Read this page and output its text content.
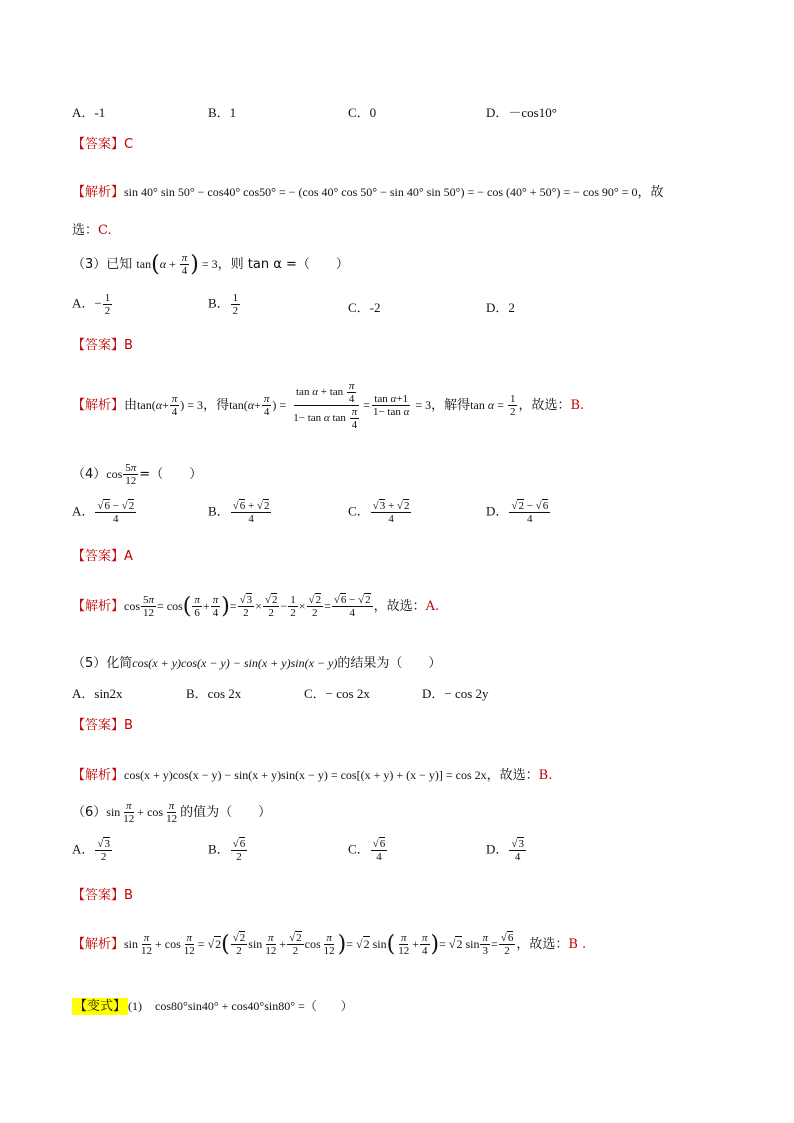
A．-1	B．1	C．0	D．－cos10°
【答案】C
【解析】sin 40° sin 50° − cos40° cos50° = − (cos 40° cos 50° − sin 40° sin 50°) = − cos (40° + 50°) = − cos 90° = 0，故
选：C.
（3）已知 $\tan(\alpha + \frac{\pi}{4}$ ) = 3，则 tan α =（　　）
A．− $\frac{1}{2}$	B． $\frac{1}{2}$	C．-2	D．2
【答案】B
【解析】由$\tan(\alpha+ \frac{\pi}{4}$ ) = 3，得$\tan(\alpha+ \frac{\pi}{4}$ ) = $\frac{\tan \alpha + \tan \frac{\pi}{4}}{1- \tan \alpha \tan \frac{\pi}{4}} = \frac{\text{tan α+1}}{\text{1− tan α}} = 3$，解得$\tan \alpha = \frac{1}{2}$ ，故选：B.
$(4)\cos \frac{5\pi}{12}$ =（　　）
A． $\frac{√6 - √2}{4}$	B． $\frac{√6 + √2}{4}$	C． $\frac{√3 + √2}{4}$	D． $\frac{√2 - √6}{4}$
【答案】A
【解析】$\cos \frac{5\pi}{12} = \cos( \frac{\pi}{6} + \frac{\pi}{4}$ )= $\frac{√3}{2} \times \frac{√2}{2} - \frac{1}{2} \times \frac{√2}{2} = \frac{√6 - √2}{4}$ ，故选：A.
（5）化简cos(x + y)cos(x − y) − sin(x + y)sin(x − y)的结果为（　　）
A．sin2x	B．cos 2x	C．− cos 2x	D．− cos 2y
【答案】B
【解析】cos(x + y)cos(x − y) − sin(x + y)sin(x − y) = cos[(x + y) + (x − y)] = cos 2x，故选：B.
$(6)\sin \frac{\pi}{12} + \cos \frac{\pi}{12}$ 的值为（　　）
A． $\frac{√3}{2}$	B． $\frac{√6}{2}$	C． $\frac{√6}{4}$	D． $\frac{√3}{4}$
【答案】B
【解析】$\sin \frac{\pi}{12} + \cos \frac{\pi}{12} = √2( \frac{√2}{2}$ $\sin \frac{\pi}{12} + \frac{√2}{2}$ $\cos \frac{\pi}{12}$ )= √2 $\sin( \frac{\pi}{12} + \frac{\pi}{4}$ )= √2 $\sin \frac{\pi}{3} = \frac{√6}{2}$ ，故选：B .
【变式】 (1)　 cos80°sin40° + cos40°sin80° =（　　）
